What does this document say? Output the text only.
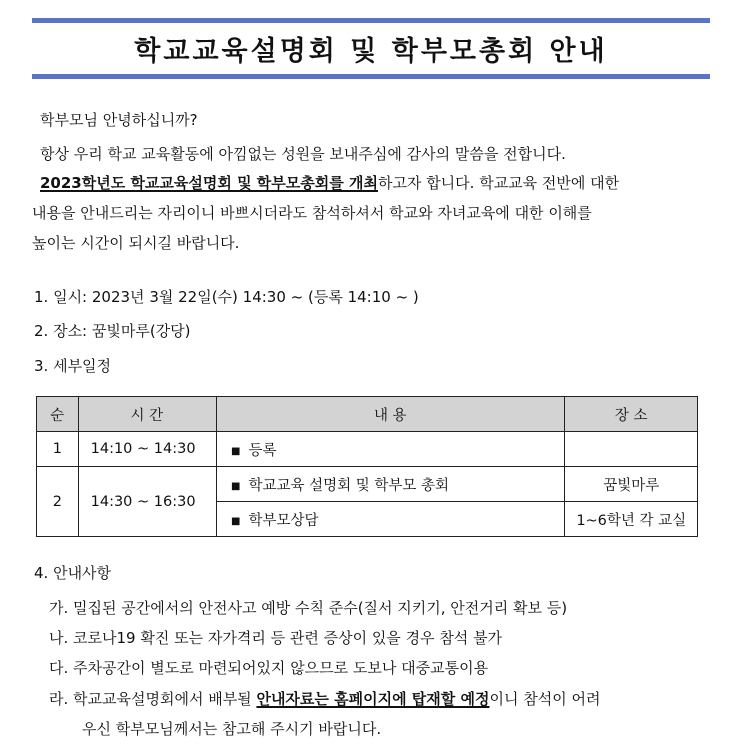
학교교육설명회 및 학부모총회 안내
학부모님 안녕하십니까?
항상 우리 학교 교육활동에 아낌없는 성원을 보내주심에 감사의 말씀을 전합니다.
2023학년도 학교교육설명회 및 학부모총회를 개최하고자 합니다. 학교교육 전반에 대한
내용을 안내드리는 자리이니 바쁘시더라도 참석하셔서 학교와 자녀교육에 대한 이해를
높이는 시간이 되시길 바랍니다.
1. 일시: 2023년 3월 22일(수) 14:30 ~ (등록 14:10 ~ )
2. 장소: 꿈빛마루(강당)
3. 세부일정
순	시 간	내 용	장 소
1	14:10 ~ 14:30	■ 등록	
2	14:30 ~ 16:30	■ 학교교육 설명회 및 학부모 총회	꿈빛마루
		■ 학부모상담	1~6학년 각 교실
4. 안내사항
가. 밀집된 공간에서의 안전사고 예방 수칙 준수(질서 지키기, 안전거리 확보 등)
나. 코로나19 확진 또는 자가격리 등 관련 증상이 있을 경우 참석 불가
다. 주차공간이 별도로 마련되어있지 않으므로 도보나 대중교통이용
라. 학교교육설명회에서 배부될 안내자료는 홈페이지에 탑재할 예정이니 참석이 어려
우신 학부모님께서는 참고해 주시기 바랍니다.
